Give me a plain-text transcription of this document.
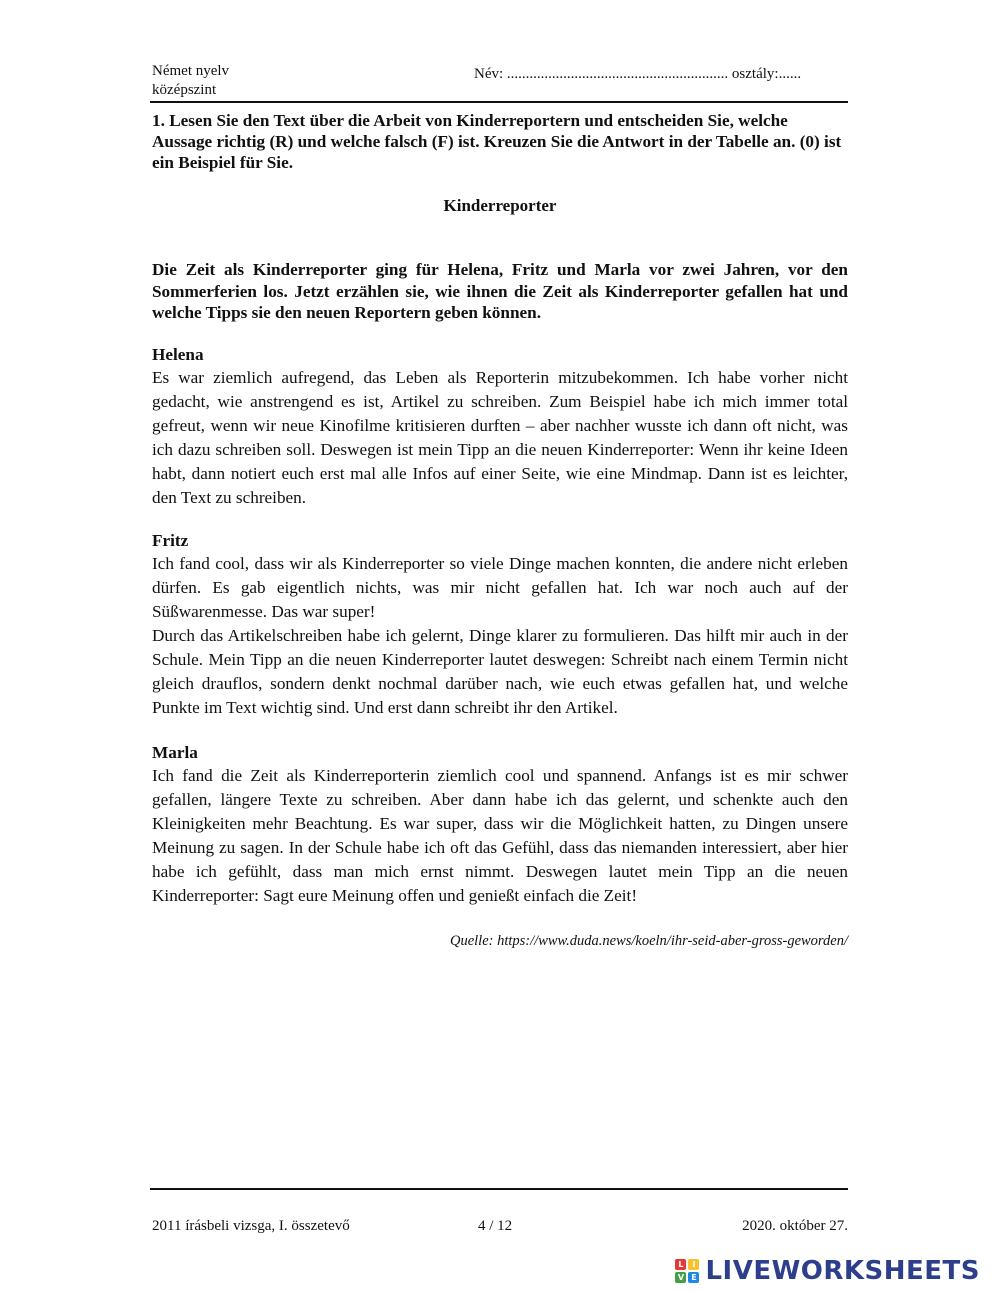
Német nyelv
középszint
Név: ........................................................... osztály:......
1. Lesen Sie den Text über die Arbeit von Kinderreportern und entscheiden Sie, welche Aussage richtig (R) und welche falsch (F) ist. Kreuzen Sie die Antwort in der Tabelle an. (0) ist ein Beispiel für Sie.
Kinderreporter
Die Zeit als Kinderreporter ging für Helena, Fritz und Marla vor zwei Jahren, vor den Sommerferien los. Jetzt erzählen sie, wie ihnen die Zeit als Kinderreporter gefallen hat und welche Tipps sie den neuen Reportern geben können.
Helena

Es war ziemlich aufregend, das Leben als Reporterin mitzubekommen. Ich habe vorher nicht gedacht, wie anstrengend es ist, Artikel zu schreiben. Zum Beispiel habe ich mich immer total gefreut, wenn wir neue Kinofilme kritisieren durften – aber nachher wusste ich dann oft nicht, was ich dazu schreiben soll. Deswegen ist mein Tipp an die neuen Kinderreporter: Wenn ihr keine Ideen habt, dann notiert euch erst mal alle Infos auf einer Seite, wie eine Mindmap. Dann ist es leichter, den Text zu schreiben.

Fritz

Ich fand cool, dass wir als Kinderreporter so viele Dinge machen konnten, die andere nicht erleben dürfen. Es gab eigentlich nichts, was mir nicht gefallen hat. Ich war noch auch auf der Süßwarenmesse. Das war super!

Durch das Artikelschreiben habe ich gelernt, Dinge klarer zu formulieren. Das hilft mir auch in der Schule. Mein Tipp an die neuen Kinderreporter lautet deswegen: Schreibt nach einem Termin nicht gleich drauflos, sondern denkt nochmal darüber nach, wie euch etwas gefallen hat, und welche Punkte im Text wichtig sind. Und erst dann schreibt ihr den Artikel.

Marla

Ich fand die Zeit als Kinderreporterin ziemlich cool und spannend. Anfangs ist es mir schwer gefallen, längere Texte zu schreiben. Aber dann habe ich das gelernt, und schenkte auch den Kleinigkeiten mehr Beachtung. Es war super, dass wir die Möglichkeit hatten, zu Dingen unsere Meinung zu sagen. In der Schule habe ich oft das Gefühl, dass das niemanden interessiert, aber hier habe ich gefühlt, dass man mich ernst nimmt. Deswegen lautet mein Tipp an die neuen Kinderreporter: Sagt eure Meinung offen und genießt einfach die Zeit!

Quelle: https://www.duda.news/koeln/ihr-seid-aber-gross-geworden/
2011 írásbeli vizsga, I. összetevő	4 / 12	2020. október 27.
L	I
V E LIVEWORKSHEETS
